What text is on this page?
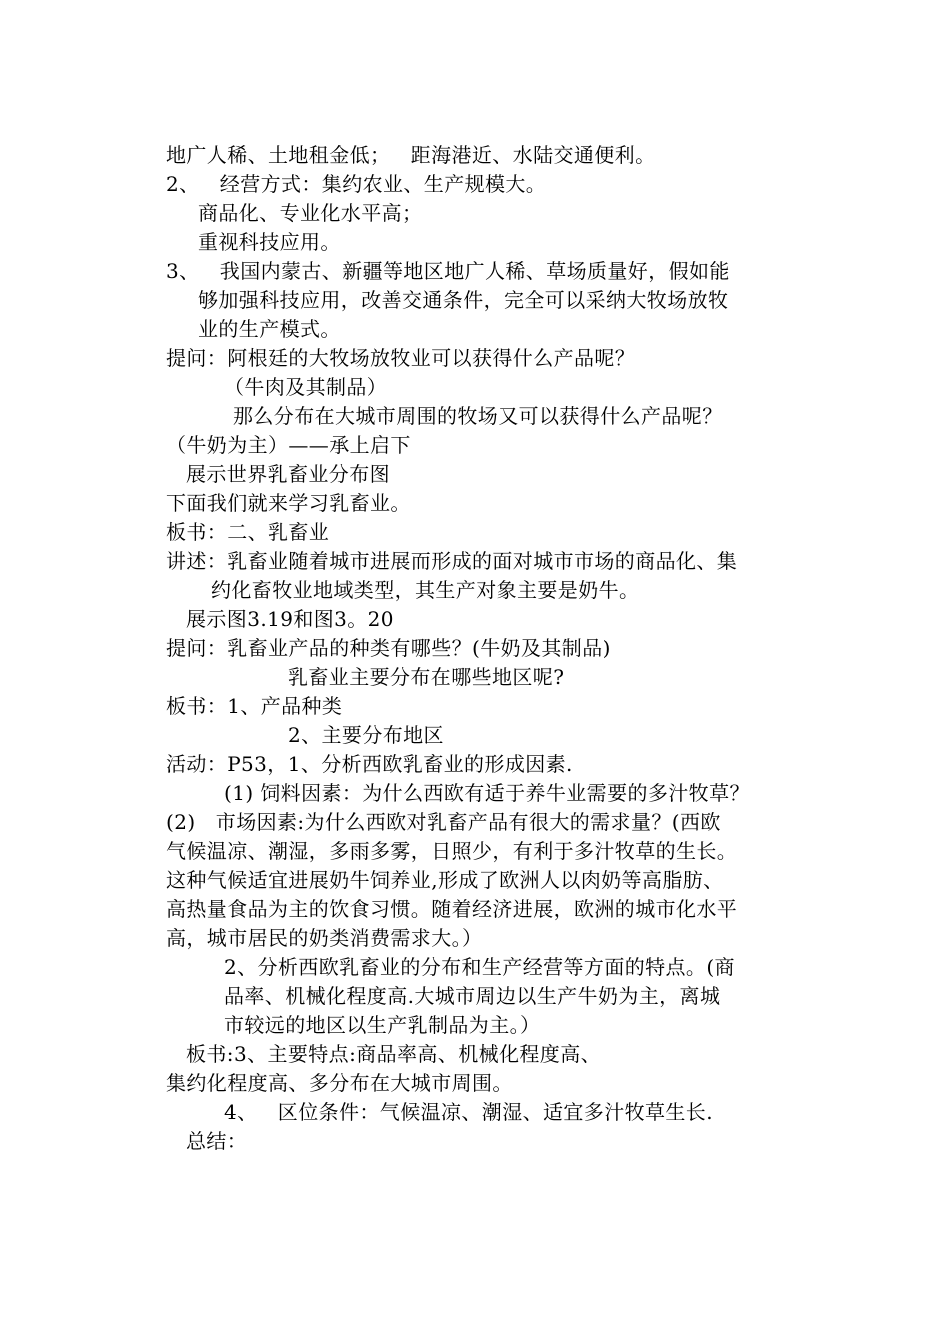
地广人稀、土地租金低；   距海港近、水陆交通便利。
2、   经营方式：集约农业、生产规模大。
商品化、专业化水平高；
重视科技应用。
3、   我国内蒙古、新疆等地区地广人稀、草场质量好，假如能
够加强科技应用，改善交通条件，完全可以采纳大牧场放牧
业的生产模式。
提问：阿根廷的大牧场放牧业可以获得什么产品呢？
（牛肉及其制品）
那么分布在大城市周围的牧场又可以获得什么产品呢？
（牛奶为主）——承上启下
展示世界乳畜业分布图
下面我们就来学习乳畜业。
板书：二、乳畜业
讲述：乳畜业随着城市进展而形成的面对城市市场的商品化、集
约化畜牧业地域类型，其生产对象主要是奶牛。
展示图3.19和图3。20
提问：乳畜业产品的种类有哪些？(牛奶及其制品)
乳畜业主要分布在哪些地区呢?
板书：1、产品种类
2、主要分布地区
活动：P53，1、分析西欧乳畜业的形成因素.
(1) 饲料因素：为什么西欧有适于养牛业需要的多汁牧草？
(2)   市场因素:为什么西欧对乳畜产品有很大的需求量？(西欧
气候温凉、潮湿，多雨多雾，日照少，有利于多汁牧草的生长。
这种气候适宜进展奶牛饲养业,形成了欧洲人以肉奶等高脂肪、
高热量食品为主的饮食习惯。随着经济进展，欧洲的城市化水平
高，城市居民的奶类消费需求大。）
2、分析西欧乳畜业的分布和生产经营等方面的特点。(商
品率、机械化程度高.大城市周边以生产牛奶为主，离城
市较远的地区以生产乳制品为主。）
板书:3、主要特点:商品率高、机械化程度高、
集约化程度高、多分布在大城市周围。
4、   区位条件：气候温凉、潮湿、适宜多汁牧草生长.
总结：
